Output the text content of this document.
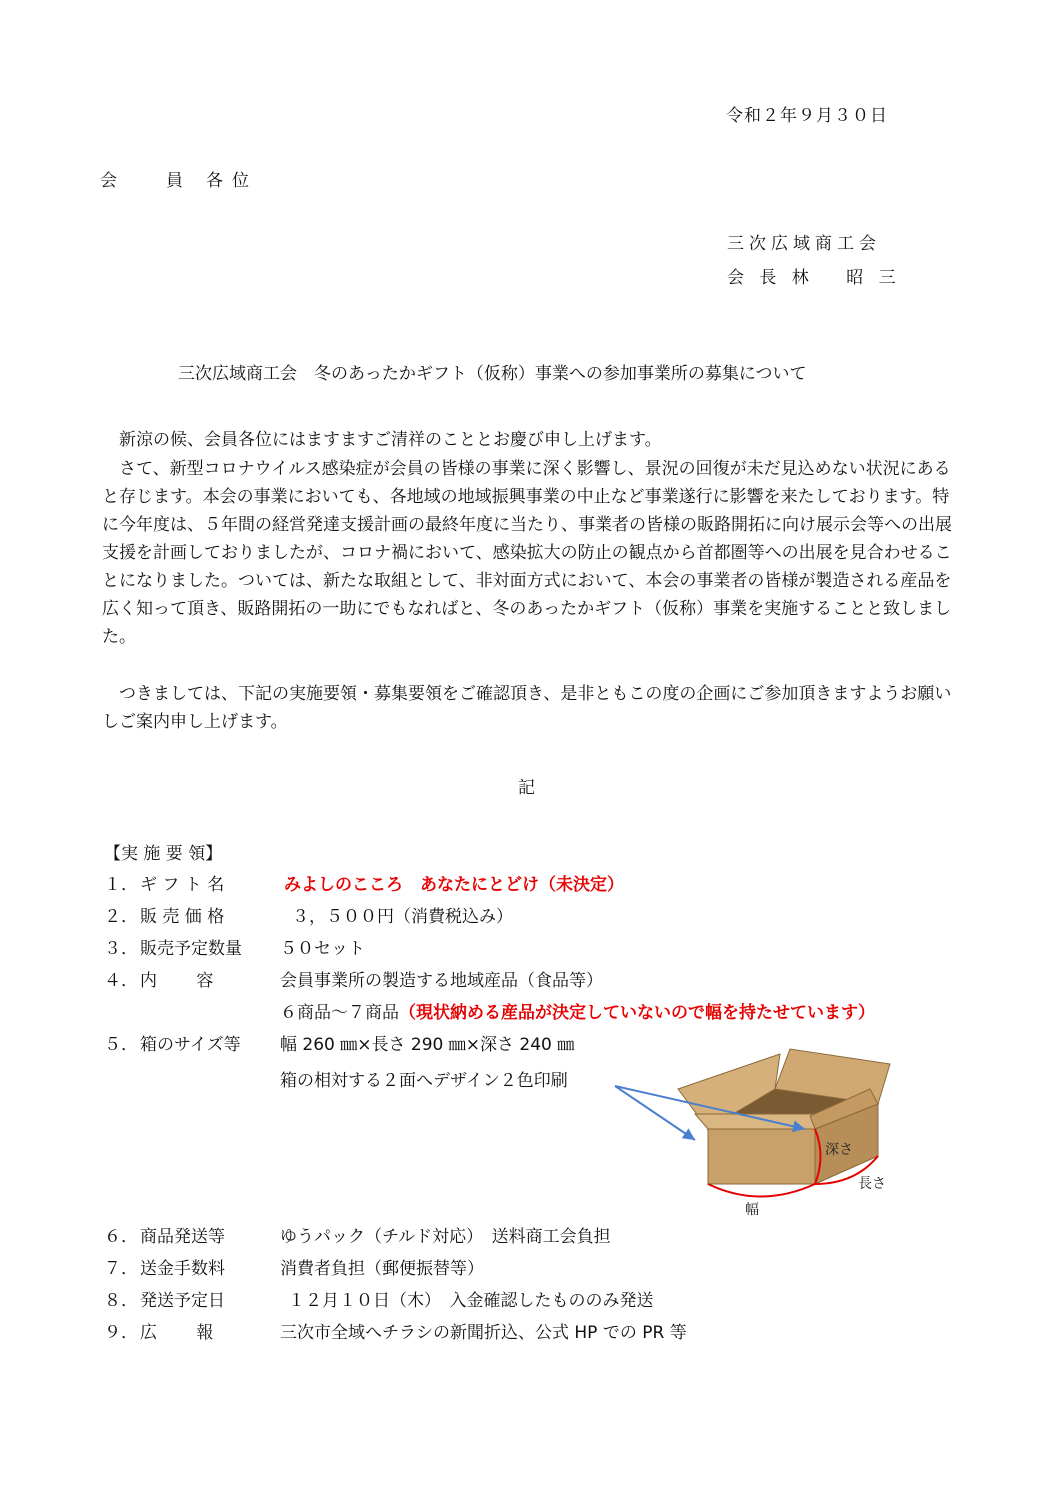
令和２年９月３０日
会	員 各 位
三次広域商工会
会 長 林　 昭 三
三次広域商工会　冬のあったかギフト（仮称）事業への参加事業所の募集について

　新涼の候、会員各位にはますますご清祥のこととお慶び申し上げます。

　さて、新型コロナウイルス感染症が会員の皆様の事業に深く影響し、景況の回復が未だ見込めない状況にあると存じます。本会の事業においても、各地域の地域振興事業の中止など事業遂行に影響を来たしております。特に今年度は、５年間の経営発達支援計画の最終年度に当たり、事業者の皆様の販路開拓に向け展示会等への出展支援を計画しておりましたが、コロナ禍において、感染拡大の防止の観点から首都圏等への出展を見合わせることになりました。ついては、新たな取組として、非対面方式において、本会の事業者の皆様が製造される産品を広く知って頂き、販路開拓の一助にでもなればと、冬のあったかギフト（仮称）事業を実施することと致しました。

　つきましては、下記の実施要領・募集要領をご確認頂き、是非ともこの度の企画にご参加頂きますようお願いしご案内申し上げます。

記
【実 施 要 領】
１． ギ フ ト 名	みよしのこころ　あなたにとどけ（未決定）
２． 販 売 価 格	３，５００円（消費税込み）
３． 販売予定数量 ５０セット
４． 内　　 容	会員事業所の製造する地域産品（食品等）
６商品～７商品（現状納める産品が決定していないので幅を持たせています）
５． 箱のサイズ等 幅 260 ㎜×長さ 290 ㎜×深さ 240 ㎜
箱の相対する２面へデザイン２色印刷
深さ
長さ
幅
６． 商品発送等	ゆうパック（チルド対応）　送料商工会負担
７． 送金手数料	消費者負担（郵便振替等）
８． 発送予定日	１２月１０日（木）　入金確認したもののみ発送
９． 広　　 報	三次市全域へチラシの新聞折込、公式 HP での PR 等
